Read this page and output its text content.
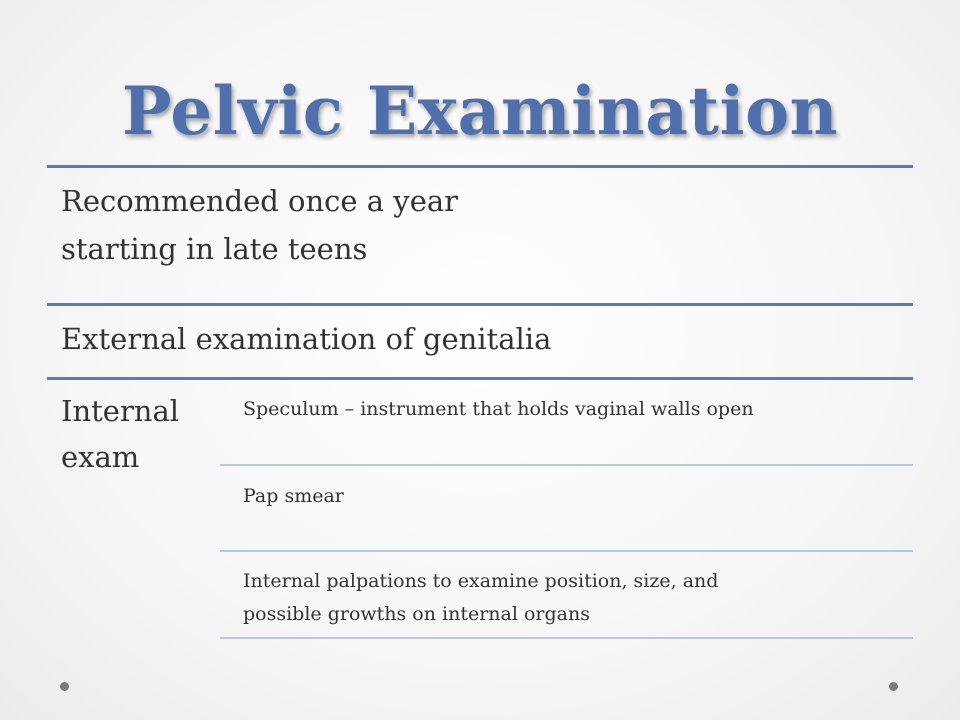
Pelvic Examination
Recommended once a year
starting in late teens
External examination of genitalia
Internal
exam
Speculum – instrument that holds vaginal walls open
Pap smear
Internal palpations to examine position, size, and
possible growths on internal organs
